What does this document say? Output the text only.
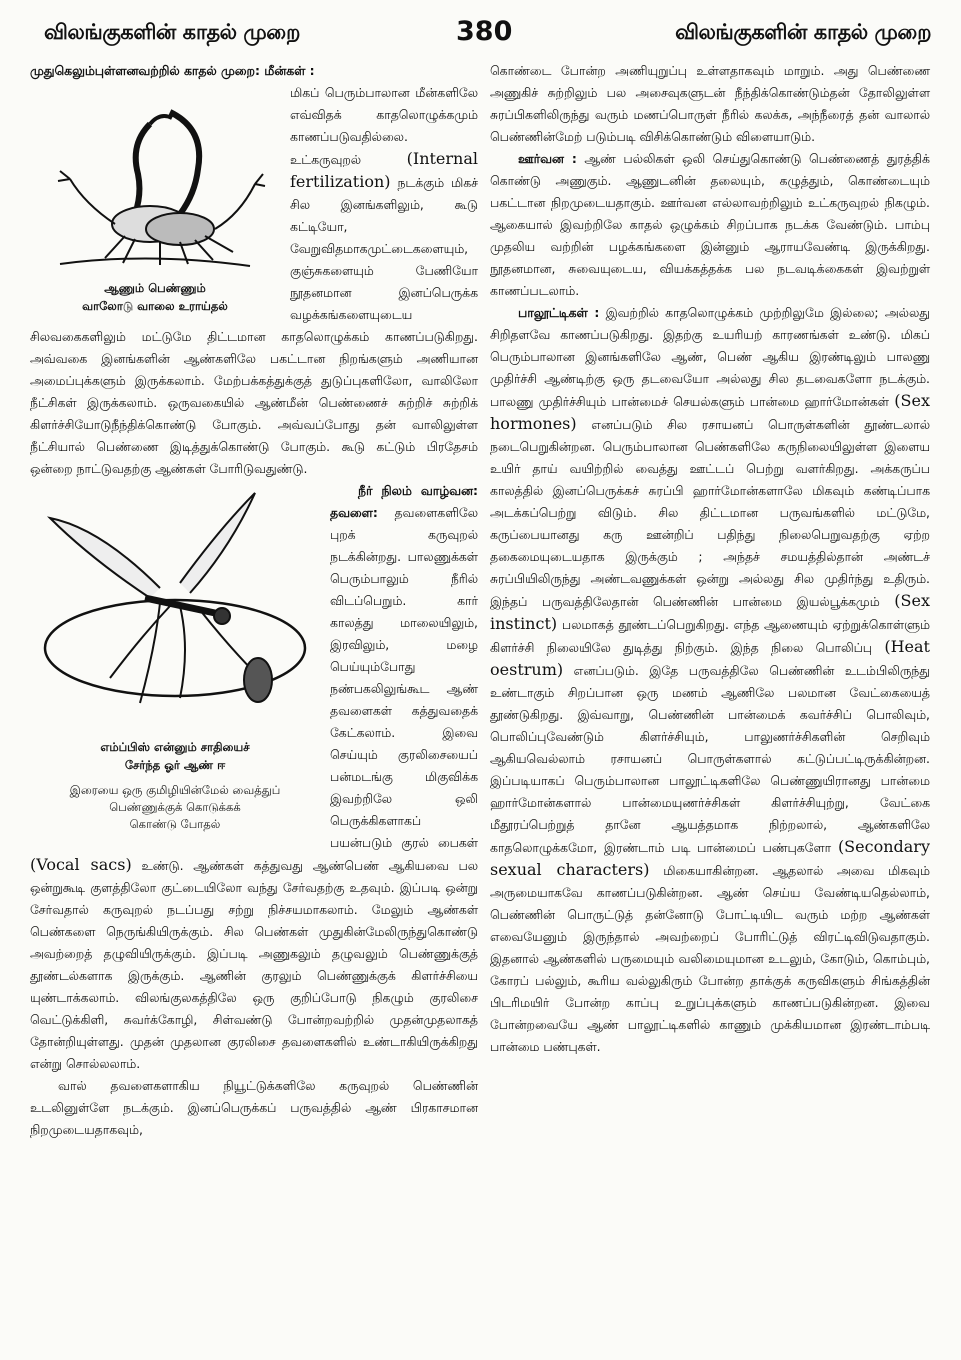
விலங்குகளின் காதல் முறை	380	விலங்குகளின் காதல் முறை

முதுகெலும்புள்ளனவற்றில் காதல் முறை: மீன்கள் :

ஆணும் பெண்ணும்
வாலோடு வாலை உராய்தல்

மிகப் பெரும்பாலான மீன்களிலே எவ்விதக் காதலொழுக்கமும் காணப்படுவதில்லை. உட்கருவுறல்	(Internal fertilization) நடக்கும் மிகச் சில இனங்களிலும், கூடு கட்டியோ, வேறுவிதமாகமுட்டைகளையும், குஞ்சுகளையும் பேணியோ நூதனமான இனப்பெருக்க வழக்கங்களையுடைய சிலவகைகளிலும் மட்டுமே திட்டமான காதலொழுக்கம் காணப்படுகிறது. அவ்வகை இனங்களின் ஆண்களிலே பகட்டான நிறங்களும் அணியான அமைப்புக்களும் இருக்கலாம். மேற்பக்கத்துக்குத் துடுப்புகளிலோ, வாலிலோ நீட்சிகள் இருக்கலாம். ஒருவகையில் ஆண்மீன் பெண்ணைச் சுற்றிச் சுற்றிக் கிளர்ச்சியோடுநீந்திக்கொண்டு போகும். அவ்வப்போது தன் வாலிலுள்ள நீட்சியால் பெண்ணை இடித்துக்கொண்டு போகும். கூடு கட்டும் பிரதேசம் ஒன்றை நாட்டுவதற்கு ஆண்கள் போரிடுவதுண்டு.

எம்ப்பிஸ் என்னும் சாதியைச்
சேர்ந்த ஓர் ஆண் ஈ
இரையை ஒரு குமிழியின்மேல் வைத்துப்
பெண்ணுக்குக் கொடுக்கக்
கொண்டு போதல்

நீர் நிலம் வாழ்வன: தவளை: தவளைகளிலே புறக் கருவுறல் நடக்கின்றது. பாலணுக்கள் பெரும்பாலும் நீரில் விடப்பெறும். கார் காலத்து மாலையிலும், இரவிலும், மழை பெய்யும்போது நண்பகலிலுங்கூட ஆண் தவளைகள் கத்துவதைக் கேட்கலாம். இவை செய்யும் குரலிசையைப் பன்மடங்கு மிகுவிக்க இவற்றிலே ஒலி பெருக்கிகளாகப் பயன்படும் குரல் பைகள் (Vocal sacs) உண்டு. ஆண்கள் கத்துவது ஆண்பெண் ஆகியவை பல ஒன்றுகூடி குளத்திலோ குட்டையிலோ வந்து சேர்வதற்கு உதவும். இப்படி ஒன்று சேர்வதால் கருவுறல் நடப்பது சற்று நிச்சயமாகலாம். மேலும் ஆண்கள் பெண்களை நெருங்கியிருக்கும். சில பெண்கள் முதுகின்மேலிருந்துகொண்டு அவற்றைத் தழுவியிருக்கும். இப்படி அணுகலும் தழுவலும் பெண்ணுக்குத் தூண்டல்களாக இருக்கும். ஆணின் குரலும் பெண்ணுக்குக் கிளர்ச்சியை யுண்டாக்கலாம். விலங்குலகத்திலே ஒரு குறிப்போடு நிகழும் குரலிசை வெட்டுக்கிளி, சுவர்க்கோழி, சிள்வண்டு போன்றவற்றில் முதன்முதலாகத் தோன்றியுள்ளது. முதன் முதலான குரலிசை தவளைகளில் உண்டாகியிருக்கிறது என்று சொல்லலாம்.

வால் தவளைகளாகிய நியூட்டுக்களிலே கருவுறல் பெண்ணின் உடலினுள்ளே நடக்கும். இனப்பெருக்கப் பருவத்தில் ஆண் பிரகாசமான நிறமுடையதாகவும்,

கொண்டை போன்ற அணியுறுப்பு உள்ளதாகவும் மாறும். அது பெண்ணை அணுகிச் சுற்றிலும் பல அசைவுகளுடன் நீந்திக்கொண்டும்தன் தோலிலுள்ள சுரப்பிகளிலிருந்து வரும் மணப்பொருள் நீரில் கலக்க, அந்நீரைத் தன் வாலால் பெண்ணின்மேற் படும்படி விசிக்கொண்டும் விளையாடும்.

ஊர்வன : ஆண் பல்லிகள் ஒலி செய்துகொண்டு பெண்ணைத் துரத்திக் கொண்டு அணுகும். ஆணுடனின் தலையும், கழுத்தும், கொண்டையும் பகட்டான நிறமுடையதாகும். ஊர்வன எல்லாவற்றிலும் உட்கருவுறல் நிகழும். ஆகையால் இவற்றிலே காதல் ஒழுக்கம் சிறப்பாக நடக்க வேண்டும். பாம்பு முதலிய வற்றின் பழக்கங்களை இன்னும் ஆராயவேண்டி இருக்கிறது. நூதனமான, சுவையுடைய, வியக்கத்தக்க பல நடவடிக்கைகள் இவற்றுள் காணப்படலாம்.

பாலூட்டிகள் : இவற்றில் காதலொழுக்கம் முற்றிலுமே இல்லை; அல்லது சிறிதளவே காணப்படுகிறது. இதற்கு உயரியற் காரணங்கள் உண்டு. மிகப் பெரும்பாலான இனங்களிலே ஆண், பெண் ஆகிய இரண்டிலும் பாலணு முதிர்ச்சி ஆண்டிற்கு ஒரு தடவையோ அல்லது சில தடவைகளோ நடக்கும். பாலணு முதிர்ச்சியும் பான்மைச் செயல்களும் பான்மை ஹார்மோன்கள் (Sex hormones) எனப்படும் சில ரசாயனப் பொருள்களின் தூண்டலால் நடைபெறுகின்றன. பெரும்பாலான பெண்களிலே கருநிலையிலுள்ள இளைய உயிர் தாய் வயிற்றில் வைத்து ஊட்டப் பெற்று வளர்கிறது. அக்கருப்ப காலத்தில் இனப்பெருக்கச் சுரப்பி ஹார்மோன்களாலே மிகவும் கண்டிப்பாக அடக்கப்பெற்று விடும். சில திட்டமான பருவங்களில் மட்டுமே, கருப்பையானது கரு ஊன்றிப் பதிந்து நிலைபெறுவதற்கு ஏற்ற தகைமையுடையதாக இருக்கும் ; அந்தச் சமயத்தில்தான் அண்டச் சுரப்பியிலிருந்து அண்டவணுக்கள் ஒன்று அல்லது சில முதிர்ந்து உதிரும். இந்தப் பருவத்திலேதான் பெண்ணின் பான்மை இயல்பூக்கமும் (Sex instinct) பலமாகத் தூண்டப்பெறுகிறது. எந்த ஆணையும் ஏற்றுக்கொள்ளும் கிளர்ச்சி நிலையிலே துடித்து நிற்கும். இந்த நிலை பொலிப்பு (Heat oestrum) எனப்படும். இதே பருவத்திலே பெண்ணின் உடம்பிலிருந்து உண்டாகும் சிறப்பான ஒரு மணம் ஆணிலே பலமான வேட்கையைத் தூண்டுகிறது. இவ்வாறு, பெண்ணின் பான்மைக் கவர்ச்சிப் பொலிவும், பொலிப்புவேண்டும் கிளர்ச்சியும், பாலுணர்ச்சிகளின் செறிவும் ஆகியவெல்லாம் ரசாயனப் பொருள்களால் கட்டுப்பட்டிருக்கின்றன. இப்படியாகப் பெரும்பாலான பாலூட்டிகளிலே பெண்ணுயிரானது பான்மை ஹார்மோன்களால் பான்மையுணர்ச்சிகள் கிளர்ச்சியுற்று, வேட்கை மீதூரப்பெற்றுத் தானே ஆயத்தமாக நிற்றலால், ஆண்களிலே காதலொழுக்கமோ, இரண்டாம் படி பான்மைப் பண்புகளோ (Secondary sexual characters) மிகையாகின்றன. ஆதலால் அவை மிகவும் அருமையாகவே காணப்படுகின்றன. ஆண் செய்ய வேண்டியதெல்லாம், பெண்ணின் பொருட்டுத் தன்னோடு போட்டியிட வரும் மற்ற ஆண்கள் எவையேனும் இருந்தால் அவற்றைப் போரிட்டுத் விரட்டிவிடுவதாகும். இதனால் ஆண்களில் பருமையும் வலிமையுமான உடலும், கோடும், கொம்பும், கோரப் பல்லும், கூரிய வல்லுகிரும் போன்ற தாக்குக் கருவிகளும் சிங்கத்தின் பிடரிமயிர் போன்ற காப்பு உறுப்புக்களும் காணப்படுகின்றன. இவை போன்றவையே ஆண் பாலூட்டிகளில் காணும் முக்கியமான இரண்டாம்படி பான்மை பண்புகள்.
